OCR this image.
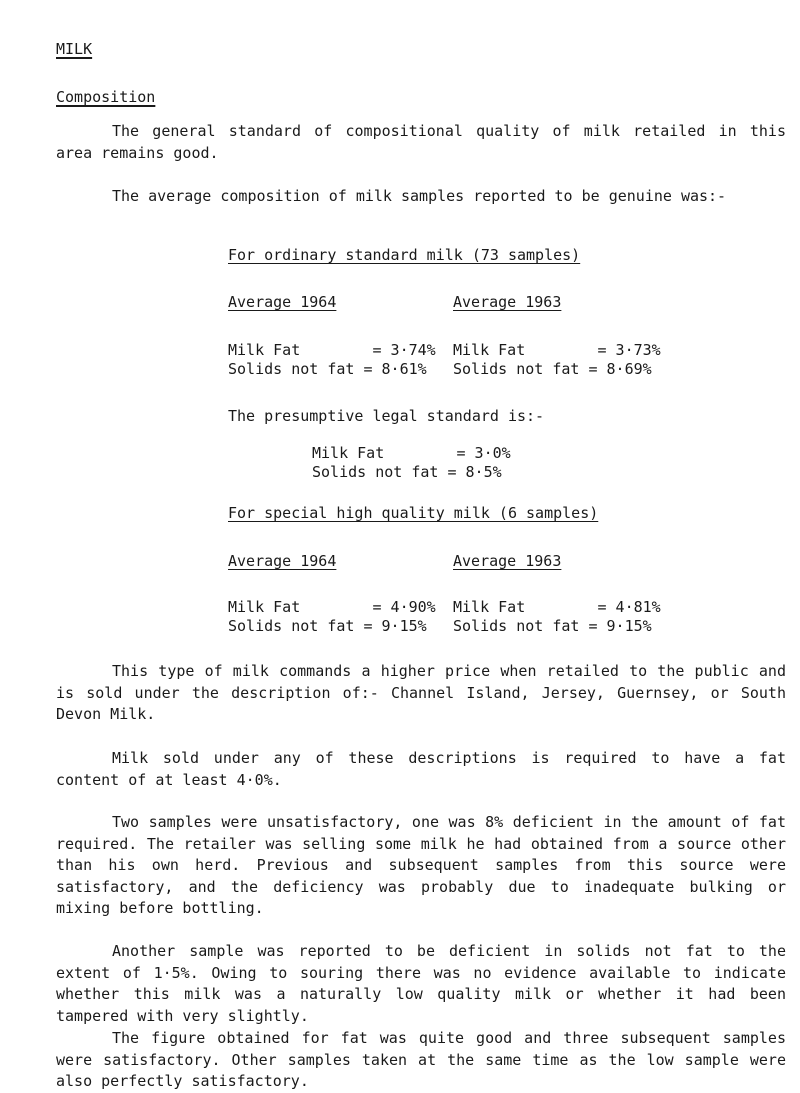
MILK
Composition
The general standard of compositional quality of milk retailed in this area remains good.
The average composition of milk samples reported to be genuine was:-
For ordinary standard milk (73 samples)
Average 1964	Average 1963
Milk Fat        = 3·74%
Solids not fat = 8·61%
Milk Fat        = 3·73%
Solids not fat = 8·69%
The presumptive legal standard is:-
Milk Fat        = 3·0%
Solids not fat = 8·5%
For special high quality milk (6 samples)
Average 1964	Average 1963
Milk Fat        = 4·90%
Solids not fat = 9·15%
Milk Fat        = 4·81%
Solids not fat = 9·15%
This type of milk commands a higher price when retailed to the public and is sold under the description of:- Channel Island, Jersey, Guernsey, or South Devon Milk.
Milk sold under any of these descriptions is required to have a fat content of at least 4·0%.
Two samples were unsatisfactory, one was 8% deficient in the amount of fat required. The retailer was selling some milk he had obtained from a source other than his own herd. Previous and subsequent samples from this source were satisfactory, and the deficiency was probably due to inadequate bulking or mixing before bottling.
Another sample was reported to be deficient in solids not fat to the extent of 1·5%. Owing to souring there was no evidence available to indicate whether this milk was a naturally low quality milk or whether it had been tampered with very slightly.
The figure obtained for fat was quite good and three subsequent samples were satisfactory. Other samples taken at the same time as the low sample were also perfectly satisfactory.
